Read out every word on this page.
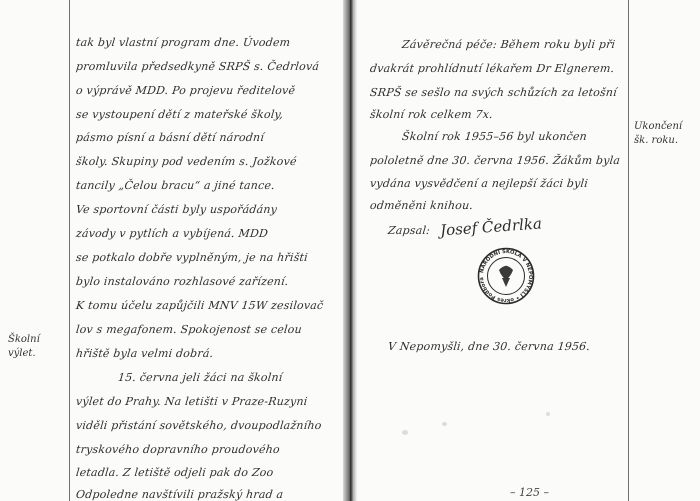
Školní výlet.
tak byl vlastní program dne. Úvodem
promluvila předsedkyně SRPŠ s. Čedrlová
o výprávě MDD. Po projevu ředitelově
se vystoupení dětí z mateřské školy,
pásmo písní a básní dětí národní
školy. Skupiny pod vedením s. Jožkové
tancily „Čelou bracu“ a jiné tance.
Ve sportovní části byly uspořádány
závody v pytlích a vybíjená. MDD
se potkalo dobře vyplněným, je na hřišti
bylo instalováno rozhlasové zařízení.
K tomu účelu zapůjčili MNV 15W zesilovač
lov s megafonem. Spokojenost se celou
hřiště byla velmi dobrá.
15. června jeli žáci na školní
výlet do Prahy. Na letišti v Praze-Ruzyni
viděli přistání sovětského, dvoupodlažního
tryskového dopravního proudového
letadla. Z letiště odjeli pak do Zoo
Odpoledne navštívili pražský hrad a
Ukončení šk. roku.
Závěrečná péče: Během roku byli při
dvakrát prohlídnutí lékařem Dr Elgnerem.
SRPŠ se sešlo na svých schůzích za letošní
školní rok celkem 7x.
Školní rok 1955–56 byl ukončen
pololetně dne 30. června 1956. Žákům byla
vydána vysvědčení a nejlepší žáci byli
odměněni knihou.
Zapsal: Josef Čedrlka
V Nepomyšli, dne 30. června 1956.
– 125 –
NÁRODNÍ ŠKOLA V NEPOMYŠLI • okres Podbořa
